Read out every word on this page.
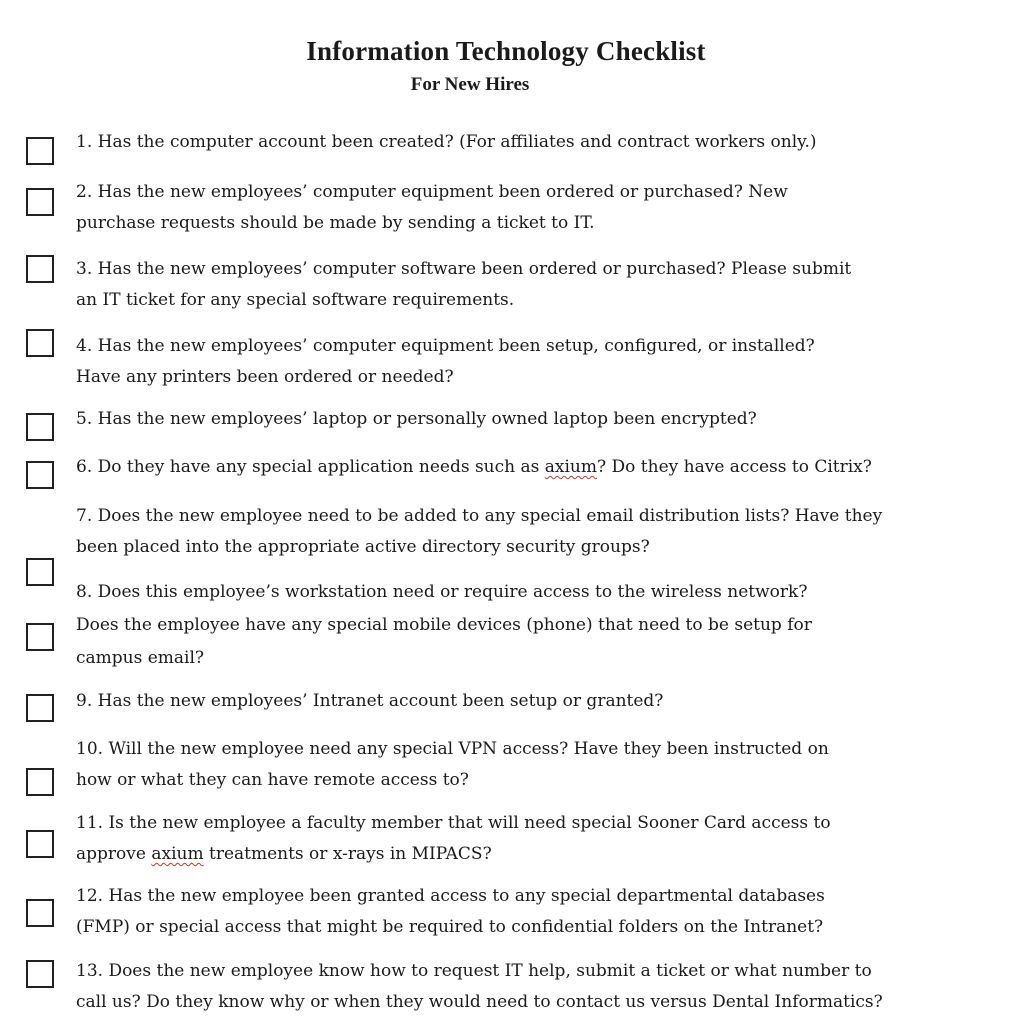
Information Technology Checklist
For New Hires
1. Has the computer account been created? (For affiliates and contract workers only.)
2. Has the new employees’ computer equipment been ordered or purchased? New
purchase requests should be made by sending a ticket to IT.
3. Has the new employees’ computer software been ordered or purchased? Please submit
an IT ticket for any special software requirements.
4. Has the new employees’ computer equipment been setup, configured, or installed?
Have any printers been ordered or needed?
5. Has the new employees’ laptop or personally owned laptop been encrypted?
6. Do they have any special application needs such as axium? Do they have access to Citrix?
7. Does the new employee need to be added to any special email distribution lists? Have they
been placed into the appropriate active directory security groups?
8. Does this employee’s workstation need or require access to the wireless network?
Does the employee have any special mobile devices (phone) that need to be setup for
campus email?
9. Has the new employees’ Intranet account been setup or granted?
10. Will the new employee need any special VPN access? Have they been instructed on
how or what they can have remote access to?
11. Is the new employee a faculty member that will need special Sooner Card access to
approve axium treatments or x-rays in MIPACS?
12. Has the new employee been granted access to any special departmental databases
(FMP) or special access that might be required to confidential folders on the Intranet?
13. Does the new employee know how to request IT help, submit a ticket or what number to
call us? Do they know why or when they would need to contact us versus Dental Informatics?
